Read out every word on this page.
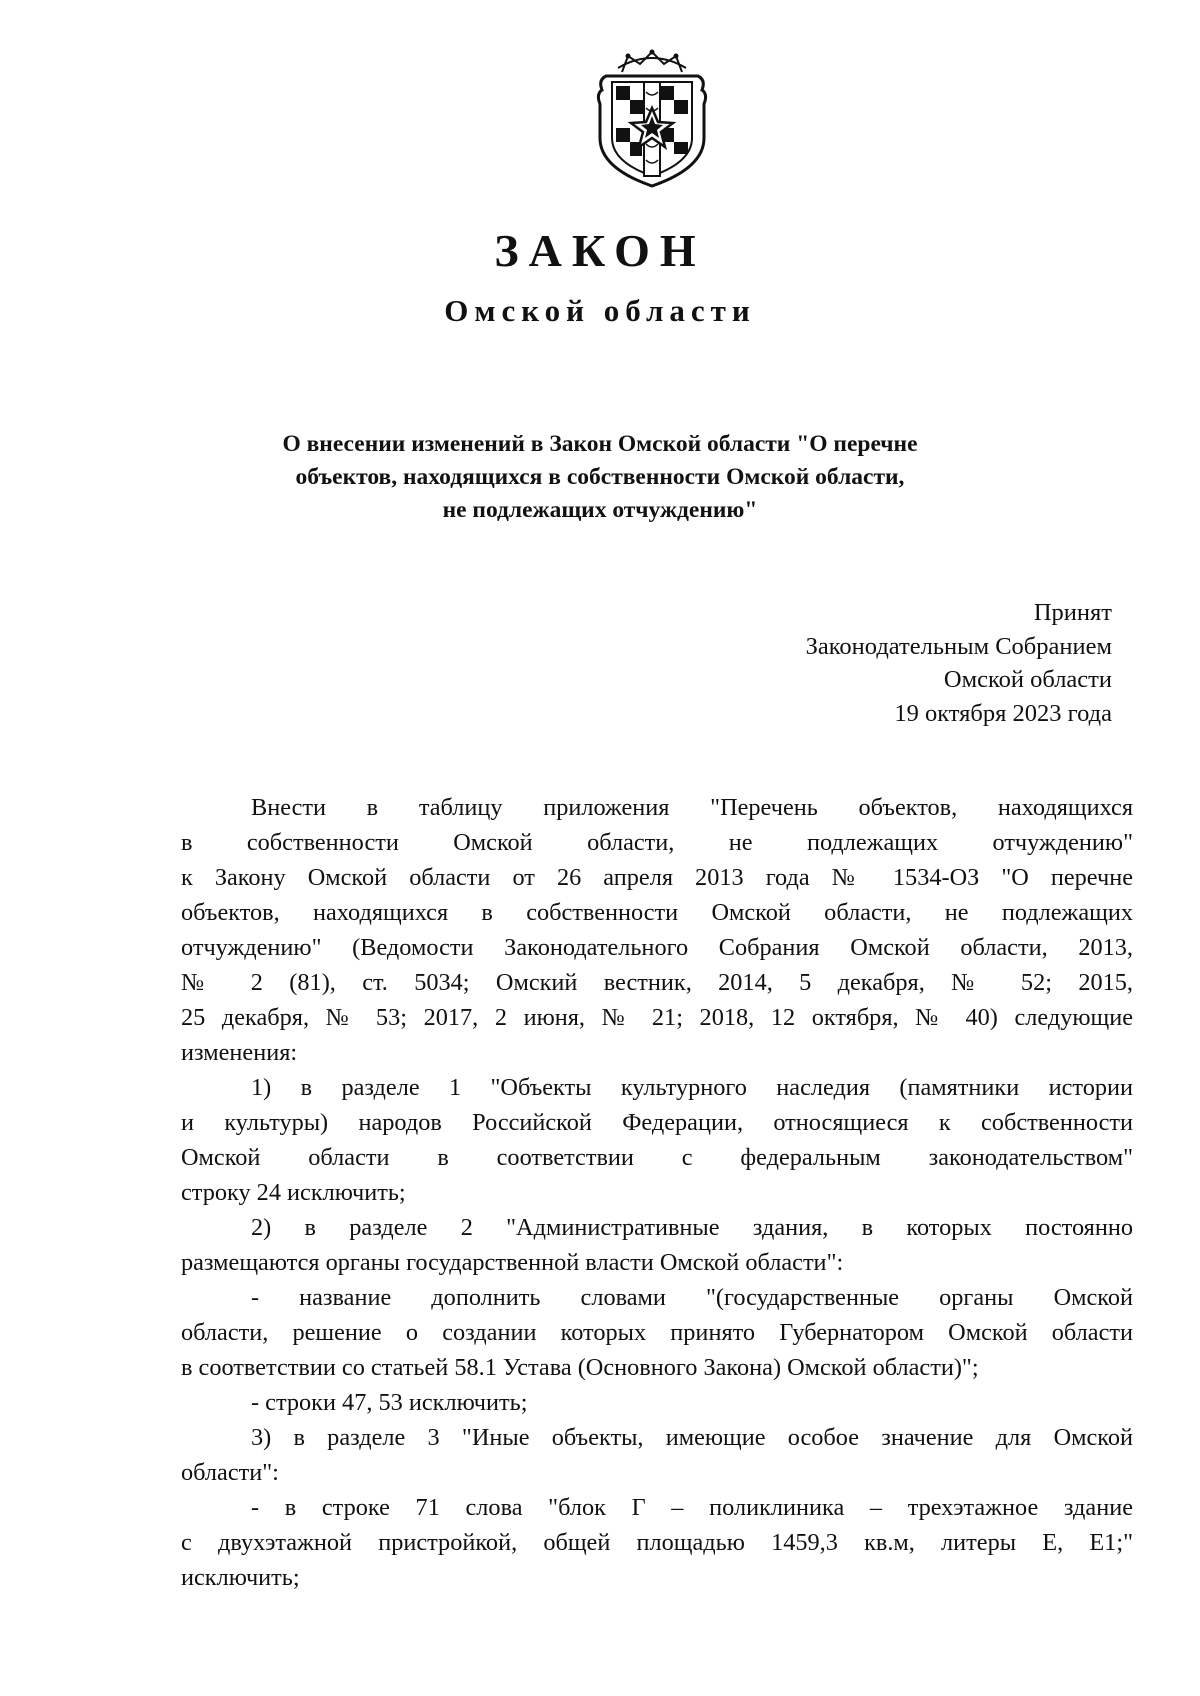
ЗАКОН
Омской области
О внесении изменений в Закон Омской области "О перечне
объектов, находящихся в собственности Омской области,
не подлежащих отчуждению"
Принят
Законодательным Собранием
Омской области
19 октября 2023 года
Внести в таблицу приложения "Перечень объектов, находящихся
в собственности Омской области, не подлежащих отчуждению"
к Закону Омской области от 26 апреля 2013 года № 1534-ОЗ "О перечне
объектов, находящихся в собственности Омской области, не подлежащих
отчуждению" (Ведомости Законодательного Собрания Омской области, 2013,
№ 2 (81), ст. 5034; Омский вестник, 2014, 5 декабря, № 52; 2015,
25 декабря, № 53; 2017, 2 июня, № 21; 2018, 12 октября, № 40) следующие
изменения:
1) в разделе 1 "Объекты культурного наследия (памятники истории
и культуры) народов Российской Федерации, относящиеся к собственности
Омской области в соответствии с федеральным законодательством"
строку 24 исключить;
2) в разделе 2 "Административные здания, в которых постоянно
размещаются органы государственной власти Омской области":
- название дополнить словами "(государственные органы Омской
области, решение о создании которых принято Губернатором Омской области
в соответствии со статьей 58.1 Устава (Основного Закона) Омской области)";
- строки 47, 53 исключить;
3) в разделе 3 "Иные объекты, имеющие особое значение для Омской
области":
- в строке 71 слова "блок Г – поликлиника – трехэтажное здание
с двухэтажной пристройкой, общей площадью 1459,3 кв.м, литеры Е, Е1;"
исключить;
